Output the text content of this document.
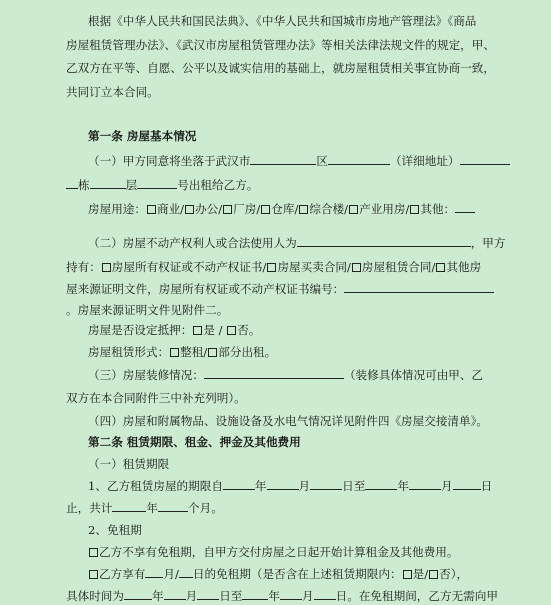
根据《中华人民共和国民法典》、《中华人民共和国城市房地产管理法》《商品
房屋租赁管理办法》、《武汉市房屋租赁管理办法》等相关法律法规文件的规定，甲、
乙双方在平等、自愿、公平以及诚实信用的基础上，就房屋租赁相关事宜协商一致，
共同订立本合同。
第一条 房屋基本情况
（一）甲方同意将坐落于武汉市	区	（详细地址）
栋	层	号出租给乙方。
房屋用途： 商业/ 办公/ 厂房/ 仓库/ 综合楼/ 产业用房/ 其他：
（二）房屋不动产权利人或合法使用人为	，甲方
持有： 房屋所有权证或不动产权证书/ 房屋买卖合同/ 房屋租赁合同/ 其他房
屋来源证明文件，房屋所有权证或不动产权证书编号：
。房屋来源证明文件见附件二。
房屋是否设定抵押： 是 / 否。
房屋租赁形式： 整租/ 部分出租。
（三）房屋装修情况：	（装修具体情况可由甲、乙
双方在本合同附件三中补充列明）。
（四）房屋和附属物品、设施设备及水电气情况详见附件四《房屋交接清单》。
第二条 租赁期限、租金、押金及其他费用
（一）租赁期限
1、乙方租赁房屋的期限自	年	月	日至	年	月 日
止，共计	年	个月。
2、免租期
乙方不享有免租期，自甲方交付房屋之日起开始计算租金及其他费用。
乙方享有 月/ 日的免租期（是否含在上述租赁期限内： 是/ 否），
具体时间为 年 月 日至 年 月 日。在免租期间，乙方无需向甲
